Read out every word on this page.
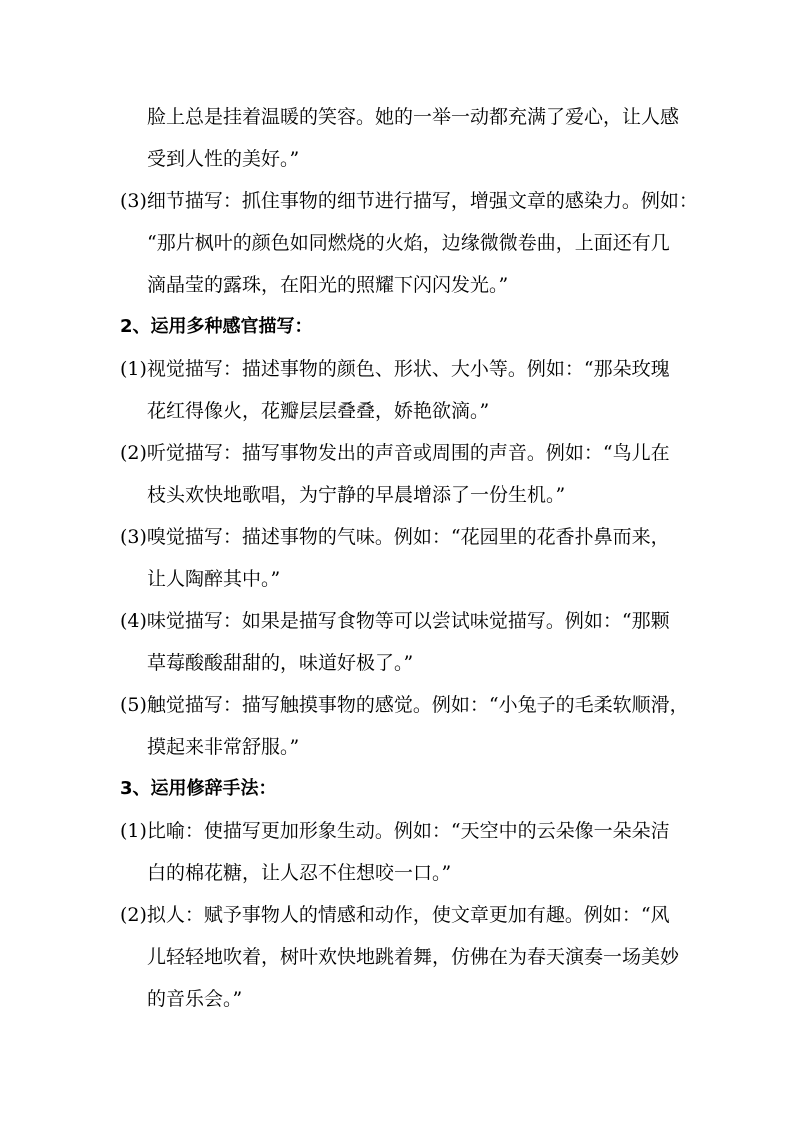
脸上总是挂着温暖的笑容。她的一举一动都充满了爱心，让人感
受到人性的美好。”
(3)细节描写：抓住事物的细节进行描写，增强文章的感染力。例如：
“那片枫叶的颜色如同燃烧的火焰，边缘微微卷曲，上面还有几
滴晶莹的露珠，在阳光的照耀下闪闪发光。”
2、运用多种感官描写：
(1)视觉描写：描述事物的颜色、形状、大小等。例如：“那朵玫瑰
花红得像火，花瓣层层叠叠，娇艳欲滴。”
(2)听觉描写：描写事物发出的声音或周围的声音。例如：“鸟儿在
枝头欢快地歌唱，为宁静的早晨增添了一份生机。”
(3)嗅觉描写：描述事物的气味。例如：“花园里的花香扑鼻而来，
让人陶醉其中。”
(4)味觉描写：如果是描写食物等可以尝试味觉描写。例如：“那颗
草莓酸酸甜甜的，味道好极了。”
(5)触觉描写：描写触摸事物的感觉。例如：“小兔子的毛柔软顺滑，
摸起来非常舒服。”
3、运用修辞手法：
(1)比喻：使描写更加形象生动。例如：“天空中的云朵像一朵朵洁
白的棉花糖，让人忍不住想咬一口。”
(2)拟人：赋予事物人的情感和动作，使文章更加有趣。例如：“风
儿轻轻地吹着，树叶欢快地跳着舞，仿佛在为春天演奏一场美妙
的音乐会。”
